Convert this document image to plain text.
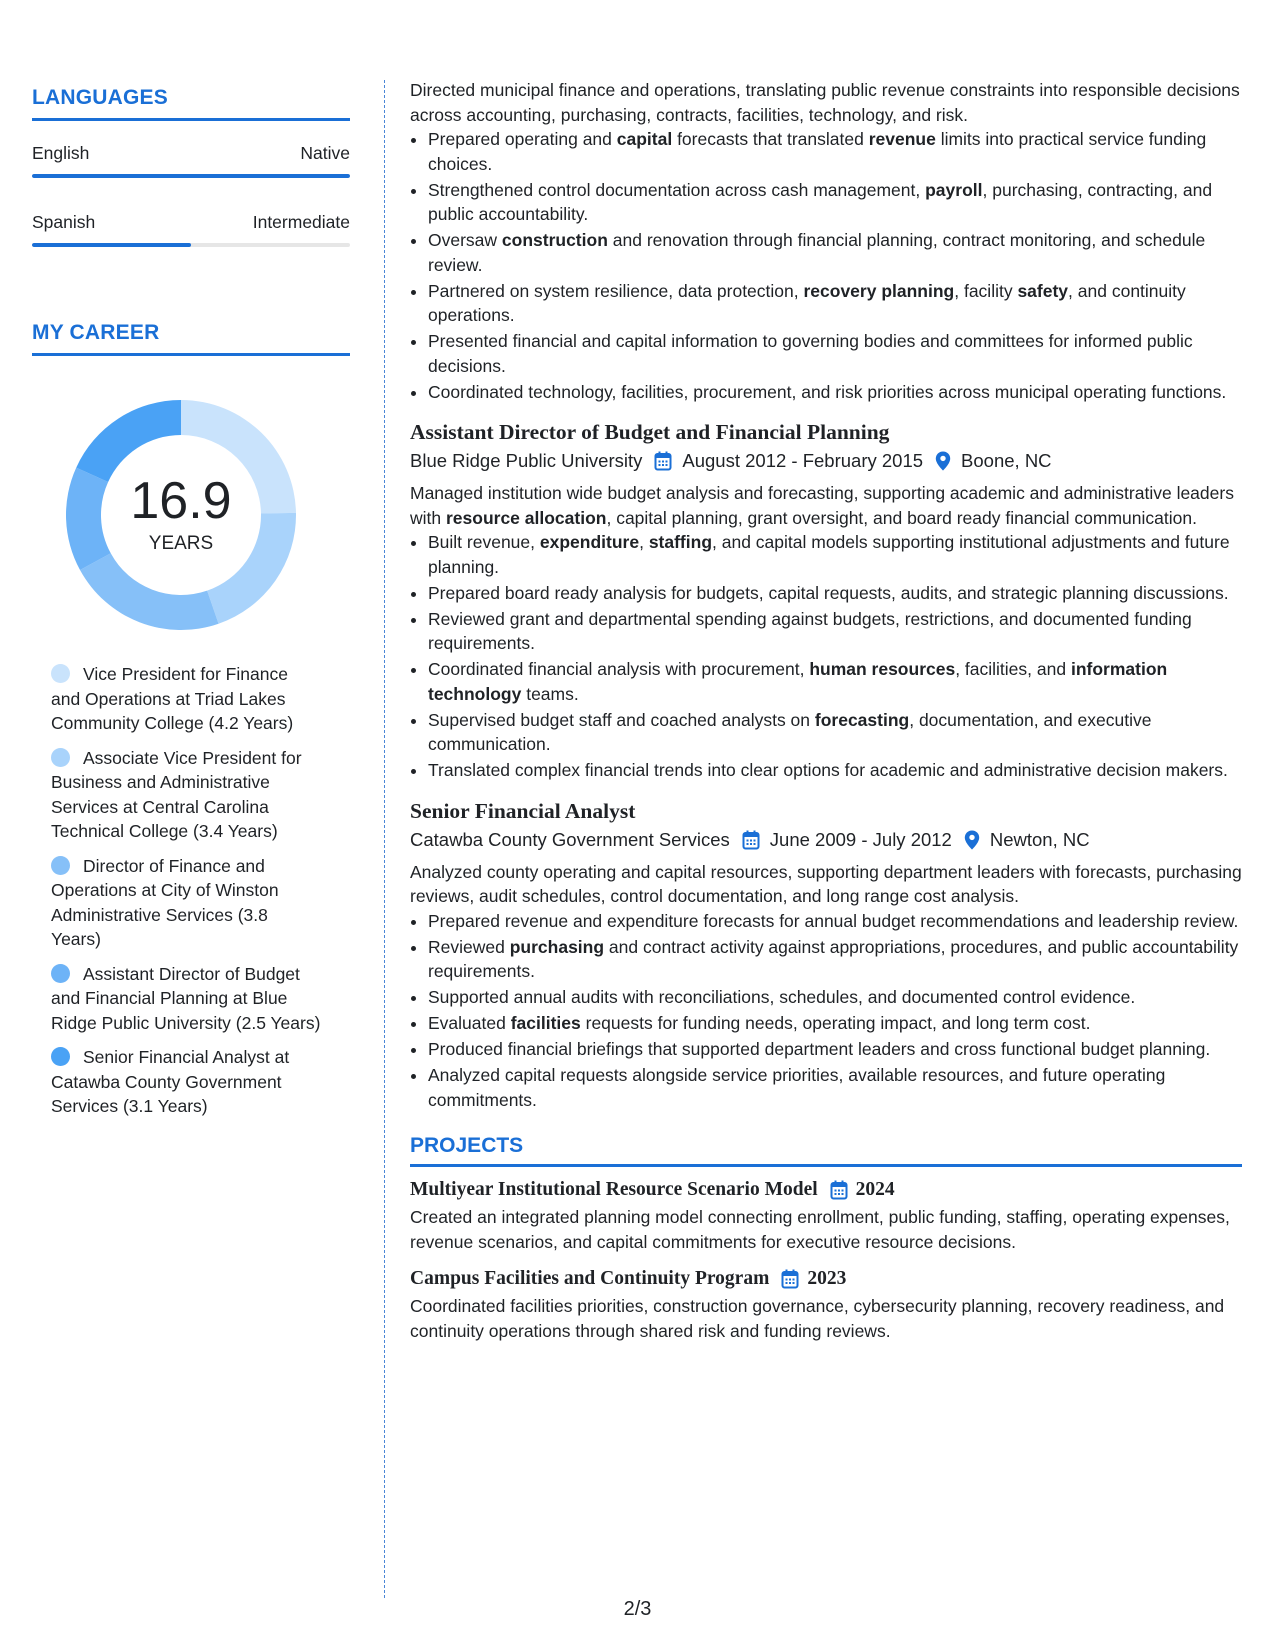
LANGUAGES
English	Native
Spanish	Intermediate
MY CAREER
16.9
YEARS
Vice President for Finance and Operations at Triad Lakes Community College (4.2 Years)
Associate Vice President for Business and Administrative Services at Central Carolina Technical College (3.4 Years)
Director of Finance and Operations at City of Winston Administrative Services (3.8 Years)
Assistant Director of Budget and Financial Planning at Blue Ridge Public University (2.5 Years)
Senior Financial Analyst at Catawba County Government Services (3.1 Years)

Directed municipal finance and operations, translating public revenue constraints into responsible decisions across accounting, purchasing, contracts, facilities, technology, and risk.

• Prepared operating and capital forecasts that translated revenue limits into practical service funding choices.
• Strengthened control documentation across cash management, payroll, purchasing, contracting, and public accountability.
• Oversaw construction and renovation through financial planning, contract monitoring, and schedule review.
• Partnered on system resilience, data protection, recovery planning, facility safety, and continuity operations.
• Presented financial and capital information to governing bodies and committees for informed public decisions.
• Coordinated technology, facilities, procurement, and risk priorities across municipal operating functions.
Assistant Director of Budget and Financial Planning
Blue Ridge Public University August 2012 - February 2015 Boone, NC

Managed institution wide budget analysis and forecasting, supporting academic and administrative leaders with resource allocation, capital planning, grant oversight, and board ready financial communication.

• Built revenue, expenditure, staffing, and capital models supporting institutional adjustments and future planning.
• Prepared board ready analysis for budgets, capital requests, audits, and strategic planning discussions.
• Reviewed grant and departmental spending against budgets, restrictions, and documented funding requirements.
• Coordinated financial analysis with procurement, human resources, facilities, and information technology teams.
• Supervised budget staff and coached analysts on forecasting, documentation, and executive communication.
• Translated complex financial trends into clear options for academic and administrative decision makers.
Senior Financial Analyst
Catawba County Government Services June 2009 - July 2012 Newton, NC

Analyzed county operating and capital resources, supporting department leaders with forecasts, purchasing reviews, audit schedules, control documentation, and long range cost analysis.

• Prepared revenue and expenditure forecasts for annual budget recommendations and leadership review.
• Reviewed purchasing and contract activity against appropriations, procedures, and public accountability requirements.
• Supported annual audits with reconciliations, schedules, and documented control evidence.
• Evaluated facilities requests for funding needs, operating impact, and long term cost.
• Produced financial briefings that supported department leaders and cross functional budget planning.
• Analyzed capital requests alongside service priorities, available resources, and future operating commitments.
PROJECTS
Multiyear Institutional Resource Scenario Model 2024

Created an integrated planning model connecting enrollment, public funding, staffing, operating expenses, revenue scenarios, and capital commitments for executive resource decisions.

Campus Facilities and Continuity Program 2023

Coordinated facilities priorities, construction governance, cybersecurity planning, recovery readiness, and continuity operations through shared risk and funding reviews.

2/3
